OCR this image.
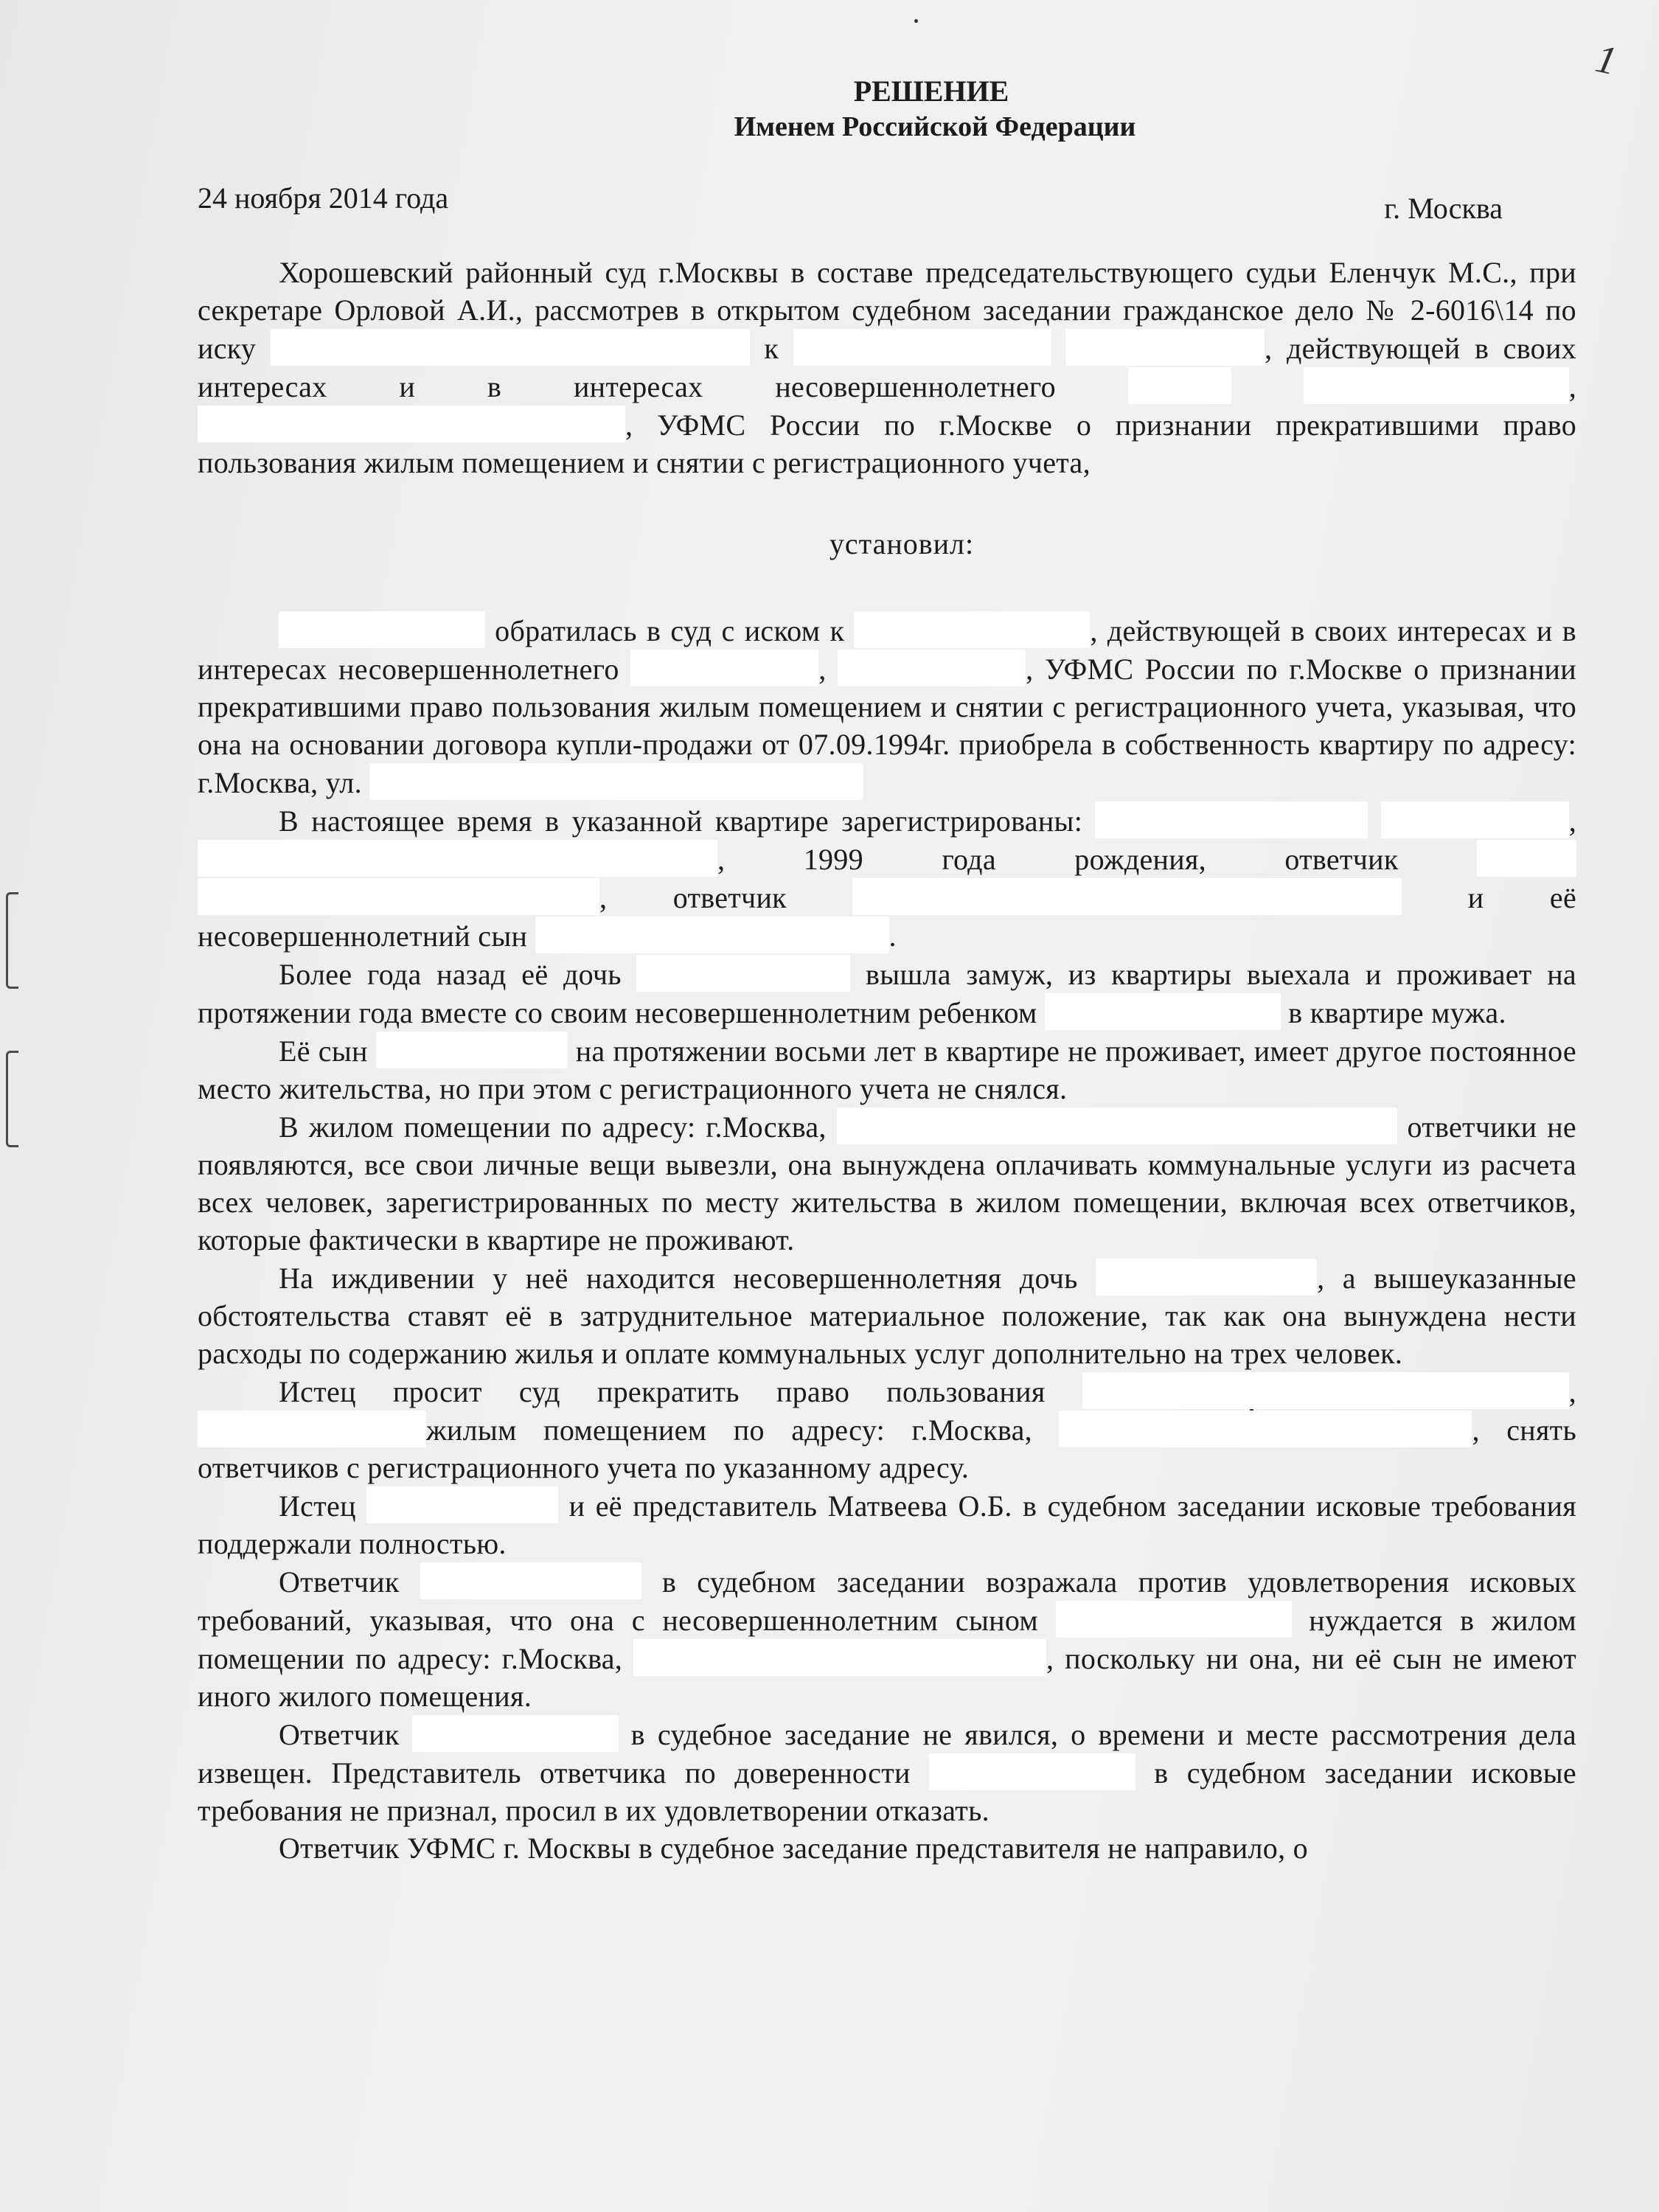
1
РЕШЕНИЕ
Именем Российской Федерации
24 ноября 2014 года	г. Москва
Хорошевский районный суд г.Москвы в составе председательствующего судьи Еленчук М.С., при секретаре Орловой А.И., рассмотрев в открытом судебном заседании гражданское дело № 2-6016\14 по иску	к	, действующей в своих интересах и в интересах несовершеннолетнего	, , УФМС России по г.Москве о признании прекратившими право пользования жилым помещением и снятии с регистрационного учета,
установил:
обратилась в суд с иском к	, действующей в своих интересах и в интересах несовершеннолетнего	,	, УФМС России по г.Москве о признании прекратившими право пользования жилым помещением и снятии с регистрационного учета, указывая, что она на основании договора купли-продажи от 07.09.1994г. приобрела в собственность квартиру по адресу: г.Москва, ул.
В настоящее время в указанной квартире зарегистрированы:	, , 1999 года рождения, ответчик  , ответчик	и её несовершеннолетний сын	.
Более года назад её дочь	вышла замуж, из квартиры выехала и проживает на протяжении года вместе со своим несовершеннолетним ребенком	в квартире мужа.
Её сын	на протяжении восьми лет в квартире не проживает, имеет другое постоянное место жительства, но при этом с регистрационного учета не снялся.
В жилом помещении по адресу: г.Москва,	ответчики не появляются, все свои личные вещи вывезли, она вынуждена оплачивать коммунальные услуги из расчета всех человек, зарегистрированных по месту жительства в жилом помещении, включая всех ответчиков, которые фактически в квартире не проживают.
На иждивении у неё находится несовершеннолетняя дочь	, а вышеуказанные обстоятельства ставят её в затруднительное материальное положение, так как она вынуждена нести расходы по содержанию жилья и оплате коммунальных услуг дополнительно на трех человек.
Истец просит суд прекратить право пользования	, жилым помещением по адресу: г.Москва,	, снять ответчиков с регистрационного учета по указанному адресу.
Истец	и её представитель Матвеева О.Б. в судебном заседании исковые требования поддержали полностью.
Ответчик	в судебном заседании возражала против удовлетворения исковых требований, указывая, что она с несовершеннолетним сыном	нуждается в жилом помещении по адресу: г.Москва,	, поскольку ни она, ни её сын не имеют иного жилого помещения.
Ответчик	в судебное заседание не явился, о времени и месте рассмотрения дела извещен. Представитель ответчика по доверенности	в судебном заседании исковые требования не признал, просил в их удовлетворении отказать.
Ответчик УФМС г. Москвы в судебное заседание представителя не направило, о
